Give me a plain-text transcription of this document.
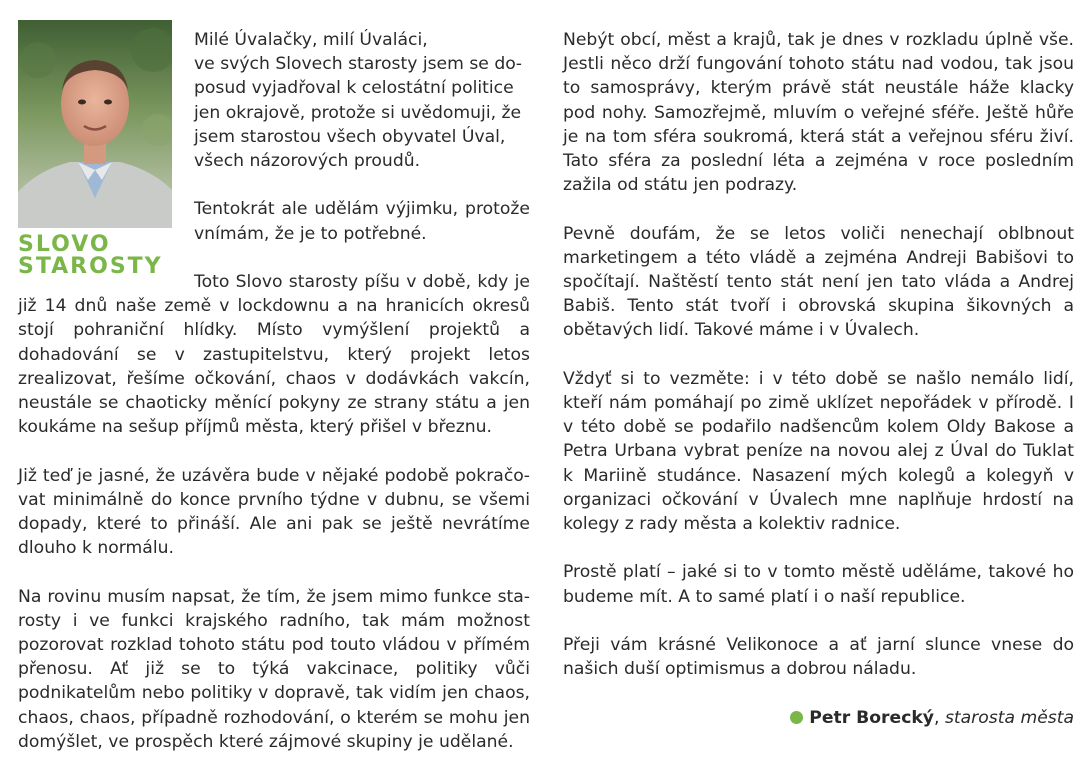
SLOVO
STAROSTY

Milé Úvalačky, milí Úvaláci,
ve svých Slovech starosty jsem se doposud vyjadřoval k celostátní politice jen okrajově, protože si uvědomuji, že jsem starostou všech obyvatel Úval, všech názorových proudů.

Tentokrát ale udělám výjimku, protože vnímám, že je to potřebné.

Toto Slovo starosty píšu v době, kdy je již 14 dnů naše země v lockdownu a na hranicích okresů stojí pohraniční hlídky. Místo vymýšlení projektů a dohadování se v zastupitelstvu, který projekt letos zrealizovat, řešíme očkování, chaos v dodávkách vakcín, neustále se chaoticky měnící pokyny ze strany státu a jen koukáme na sešup příjmů města, který přišel v březnu.

Již teď je jasné, že uzávěra bude v nějaké podobě pokračovat minimálně do konce prvního týdne v dubnu, se všemi dopady, které to přináší. Ale ani pak se ještě nevrátíme dlouho k normálu.

Na rovinu musím napsat, že tím, že jsem mimo funkce starosty i ve funkci krajského radního, tak mám možnost pozorovat rozklad tohoto státu pod touto vládou v přímém přenosu. Ať již se to týká vakcinace, politiky vůči podnikatelům nebo politiky v dopravě, tak vidím jen chaos, chaos, chaos, případně rozhodování, o kterém se mohu jen domýšlet, ve prospěch které zájmové skupiny je udělané.

Nebýt obcí, měst a krajů, tak je dnes v rozkladu úplně vše. Jestli něco drží fungování tohoto státu nad vodou, tak jsou to samosprávy, kterým právě stát neustále háže klacky pod nohy. Samozřejmě, mluvím o veřejné sféře. Ještě hůře je na tom sféra soukromá, která stát a veřejnou sféru živí. Tato sféra za poslední léta a zejména v roce posledním zažila od státu jen podrazy.

Pevně doufám, že se letos voliči nenechají oblbnout marketingem a této vládě a zejména Andreji Babišovi to spočítají. Naštěstí tento stát není jen tato vláda a Andrej Babiš. Tento stát tvoří i obrovská skupina šikovných a obětavých lidí. Takové máme i v Úvalech.

Vždyť si to vezměte: i v této době se našlo nemálo lidí, kteří nám pomáhají po zimě uklízet nepořádek v přírodě. I v této době se podařilo nadšencům kolem Oldy Bakose a Petra Urbana vybrat peníze na novou alej z Úval do Tuklat k Mariině studánce. Nasazení mých kolegů a kolegyň v organizaci očkování v Úvalech mne naplňuje hrdostí na kolegy z rady města a kolektiv radnice.

Prostě platí – jaké si to v tomto městě uděláme, takové ho budeme mít. A to samé platí i o naší republice.

Přeji vám krásné Velikonoce a ať jarní slunce vnese do našich duší optimismus a dobrou náladu.

Petr Borecký, starosta města
